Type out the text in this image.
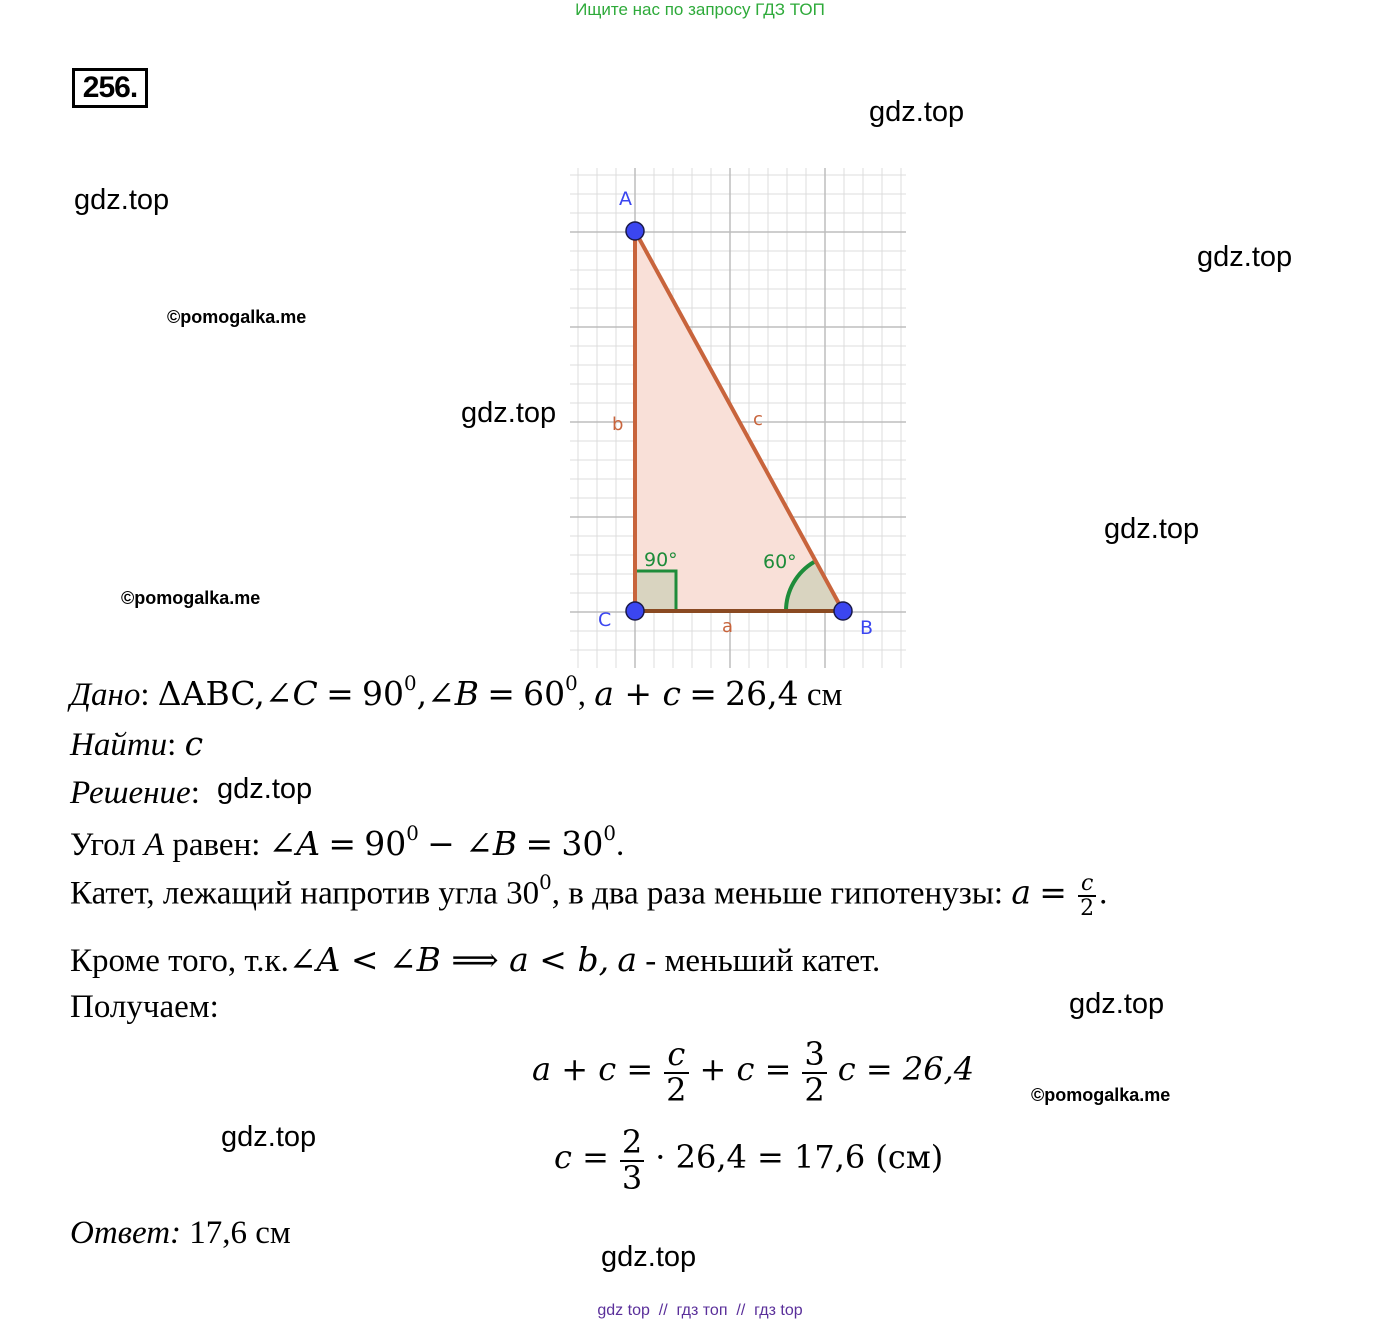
Ищите нас по запросу ГДЗ ТОП
256.
gdz.top
gdz.top
gdz.top
gdz.top
gdz.top
gdz.top
gdz.top
gdz.top
gdz.top
©pomogalka.me
©pomogalka.me
©pomogalka.me
A
C	B
b	c
a
90°	60°
Дано: ΔABC,∠C = $90^0,\angle B = 60^0$, a + c = 26,4 см
Найти: c
Решение:
Угол A равен: ∠A = $90^0$ − ∠B = $30^0$.
Катет, лежащий напротив угла $30^0$, в два раза меньше гипотенузы: $a = \frac{c}{2}$ .
Кроме того, т.к.∠A < ∠B ⟹ a < b, a - меньший катет.
Получаем:
$a + c = \frac{c}{2} + c = \frac{3}{2}$ c = 26,4
$c = \frac{2}{3} \cdot 26,4 = 17,6$ (см)
Ответ: 17,6 см
gdz top  //  гдз топ  //  гдз top
